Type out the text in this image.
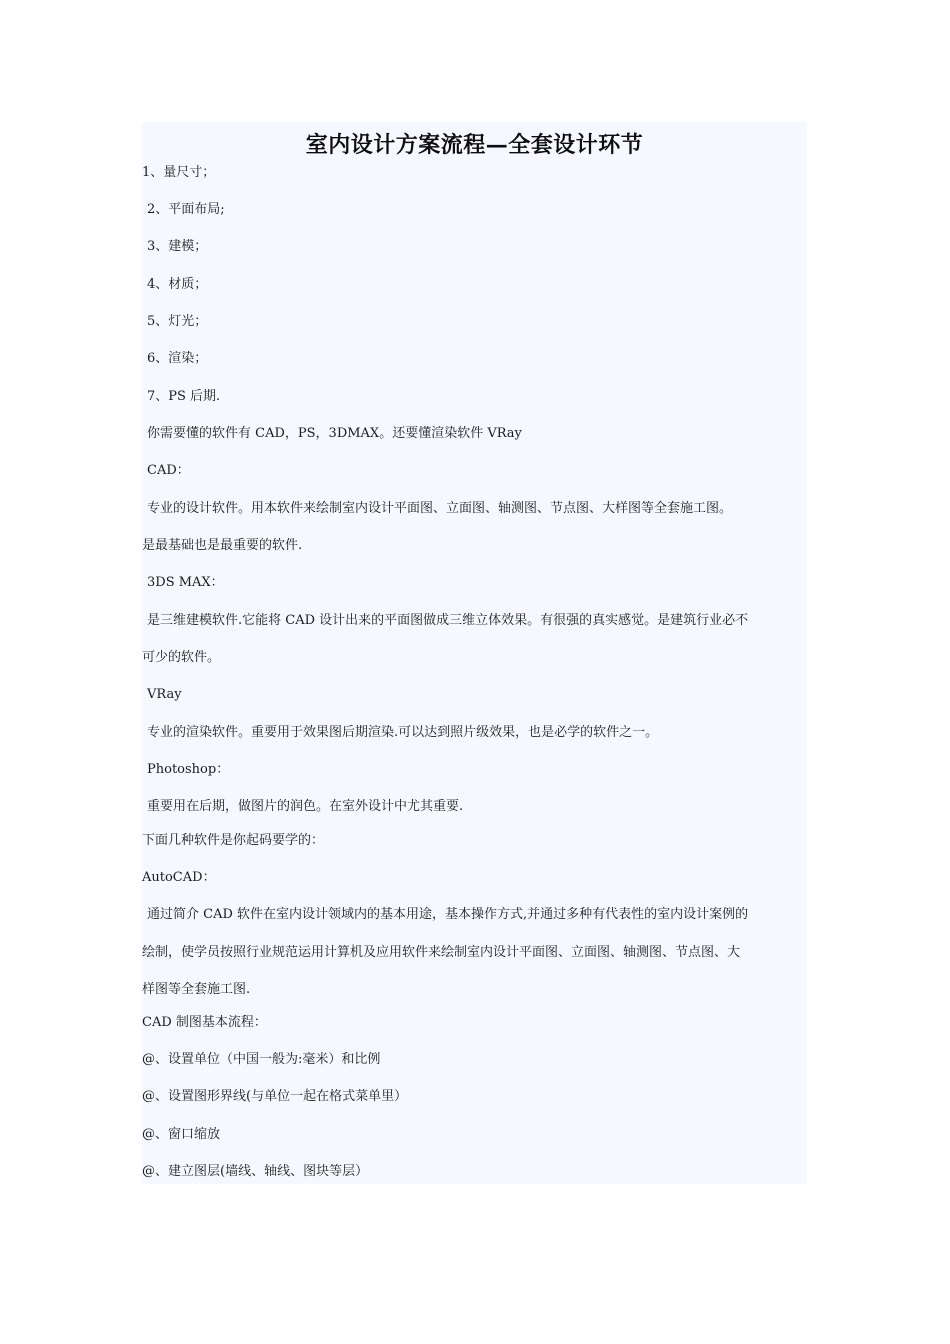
室内设计方案流程—全套设计环节

1、量尺寸；

2、平面布局;

3、建模；

4、材质；

5、灯光；

6、渲染；

7、PS 后期.

你需要懂的软件有 CAD，PS，3DMAX。还要懂渲染软件 VRay

CAD：

专业的设计软件。用本软件来绘制室内设计平面图、立面图、轴测图、节点图、大样图等全套施工图。

是最基础也是最重要的软件.

3DS MAX：

是三维建模软件.它能将 CAD 设计出来的平面图做成三维立体效果。有很强的真实感觉。是建筑行业必不

可少的软件。

VRay

专业的渲染软件。重要用于效果图后期渲染.可以达到照片级效果，也是必学的软件之一。

Photoshop：

重要用在后期，做图片的润色。在室外设计中尤其重要.

下面几种软件是你起码要学的：

AutoCAD：

通过简介 CAD 软件在室内设计领域内的基本用途，基本操作方式,并通过多种有代表性的室内设计案例的

绘制，使学员按照行业规范运用计算机及应用软件来绘制室内设计平面图、立面图、轴测图、节点图、大

样图等全套施工图.

CAD 制图基本流程：

@、设置单位（中国一般为:毫米）和比例

@、设置图形界线(与单位一起在格式菜单里）

@、窗口缩放

@、建立图层(墙线、轴线、图块等层）
